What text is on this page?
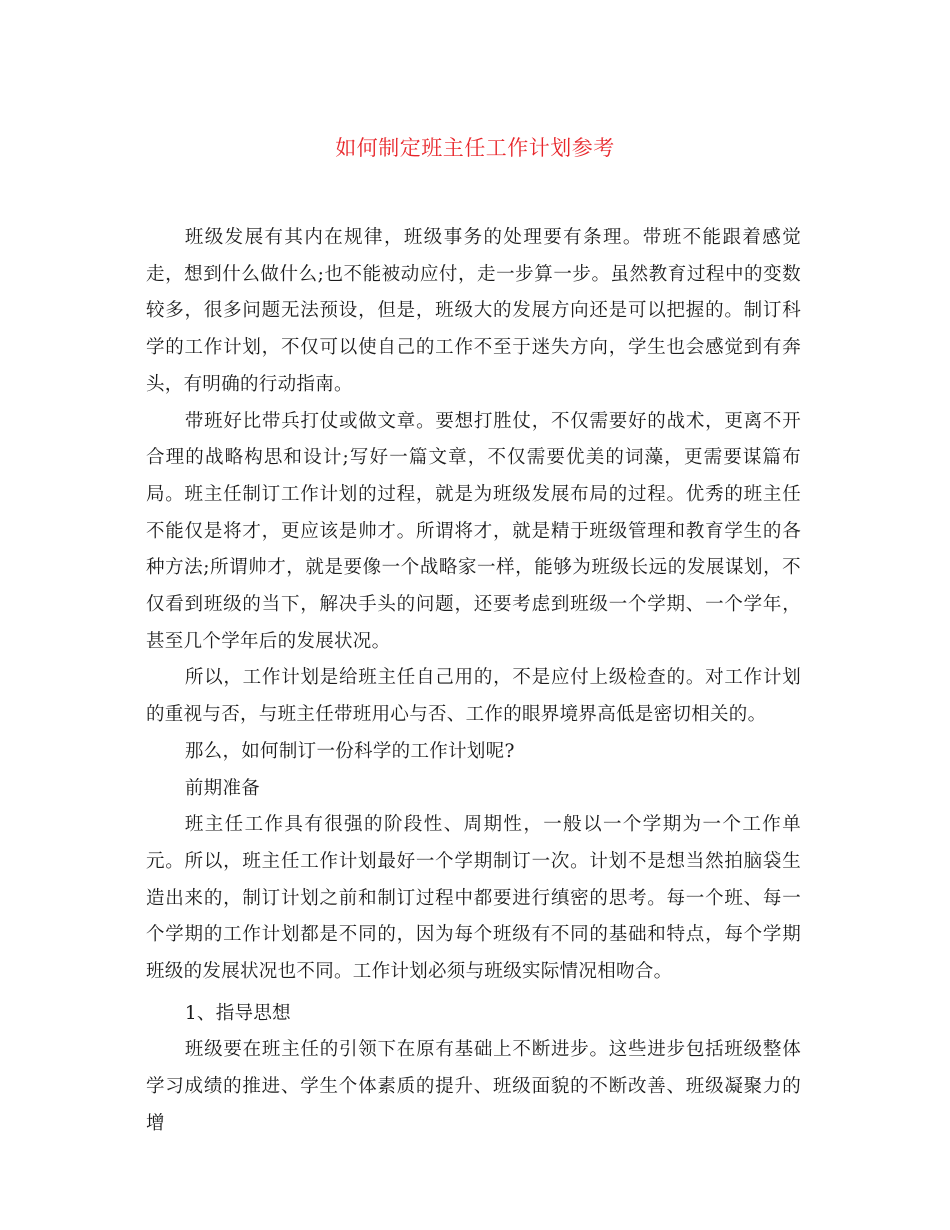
如何制定班主任工作计划参考

班级发展有其内在规律，班级事务的处理要有条理。带班不能跟着感觉走，想到什么做什么;也不能被动应付，走一步算一步。虽然教育过程中的变数较多，很多问题无法预设，但是，班级大的发展方向还是可以把握的。制订科学的工作计划，不仅可以使自己的工作不至于迷失方向，学生也会感觉到有奔头，有明确的行动指南。

带班好比带兵打仗或做文章。要想打胜仗，不仅需要好的战术，更离不开合理的战略构思和设计;写好一篇文章，不仅需要优美的词藻，更需要谋篇布局。班主任制订工作计划的过程，就是为班级发展布局的过程。优秀的班主任不能仅是将才，更应该是帅才。所谓将才，就是精于班级管理和教育学生的各种方法;所谓帅才，就是要像一个战略家一样，能够为班级长远的发展谋划，不仅看到班级的当下，解决手头的问题，还要考虑到班级一个学期、一个学年，甚至几个学年后的发展状况。

所以，工作计划是给班主任自己用的，不是应付上级检查的。对工作计划的重视与否，与班主任带班用心与否、工作的眼界境界高低是密切相关的。

那么，如何制订一份科学的工作计划呢?

前期准备

班主任工作具有很强的阶段性、周期性，一般以一个学期为一个工作单元。所以，班主任工作计划最好一个学期制订一次。计划不是想当然拍脑袋生造出来的，制订计划之前和制订过程中都要进行缜密的思考。每一个班、每一个学期的工作计划都是不同的，因为每个班级有不同的基础和特点，每个学期班级的发展状况也不同。工作计划必须与班级实际情况相吻合。

1、指导思想

班级要在班主任的引领下在原有基础上不断进步。这些进步包括班级整体学习成绩的推进、学生个体素质的提升、班级面貌的不断改善、班级凝聚力的增
